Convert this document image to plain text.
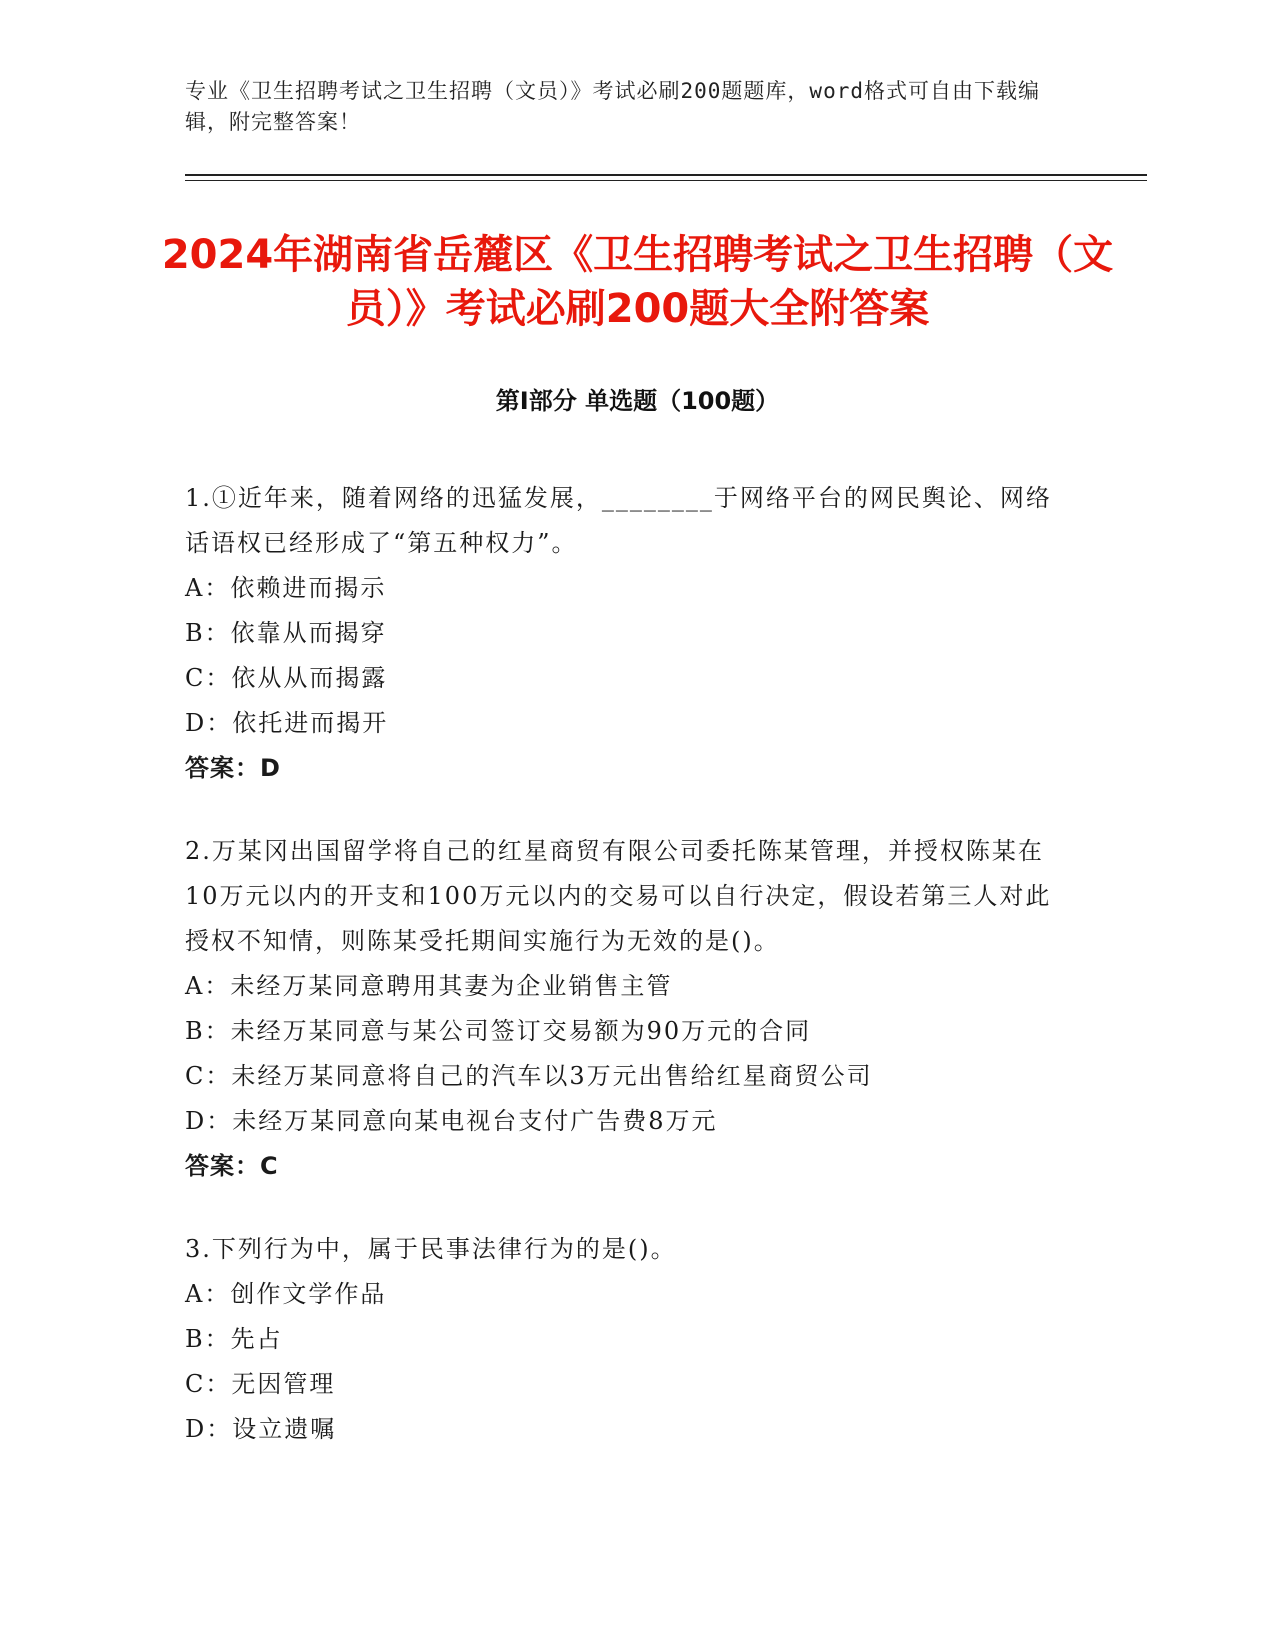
专业《卫生招聘考试之卫生招聘（文员）》考试必刷200题题库，word格式可自由下载编辑，附完整答案！
2024年湖南省岳麓区《卫生招聘考试之卫生招聘（文员）》考试必刷200题大全附答案
第Ⅰ部分 单选题（100题）
1.①近年来，随着网络的迅猛发展，________于网络平台的网民舆论、网络话语权已经形成了“第五种权力”。
A：依赖进而揭示
B：依靠从而揭穿
C：依从从而揭露
D：依托进而揭开
答案：D
2.万某冈出国留学将自己的红星商贸有限公司委托陈某管理，并授权陈某在10万元以内的开支和100万元以内的交易可以自行决定，假设若第三人对此授权不知情，则陈某受托期间实施行为无效的是()。
A：未经万某同意聘用其妻为企业销售主管
B：未经万某同意与某公司签订交易额为90万元的合同
C：未经万某同意将自己的汽车以3万元出售给红星商贸公司
D：未经万某同意向某电视台支付广告费8万元
答案：C
3.下列行为中，属于民事法律行为的是()。
A：创作文学作品
B：先占
C：无因管理
D：设立遗嘱
